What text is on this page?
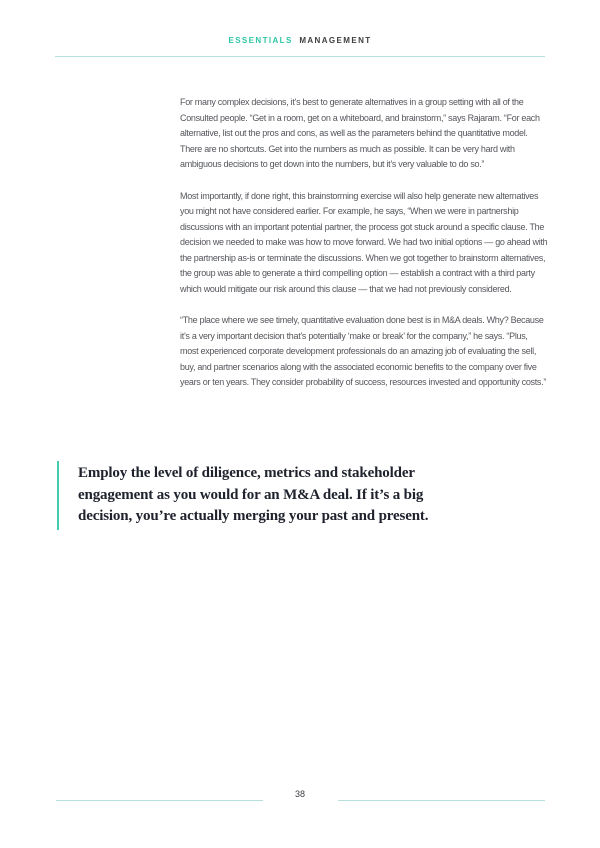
ESSENTIALS MANAGEMENT

For many complex decisions, it’s best to generate alternatives in a group setting with all of the Consulted people. “Get in a room, get on a whiteboard, and brainstorm,” says Rajaram. “For each alternative, list out the pros and cons, as well as the parameters behind the quantitative model. There are no shortcuts. Get into the numbers as much as possible. It can be very hard with ambiguous decisions to get down into the numbers, but it’s very valuable to do so.”

Most importantly, if done right, this brainstorming exercise will also help generate new alternatives you might not have considered earlier. For example, he says, “When we were in partnership discussions with an important potential partner, the process got stuck around a specific clause. The decision we needed to make was how to move forward. We had two initial options — go ahead with the partnership as-is or terminate the discussions. When we got together to brainstorm alternatives, the group was able to generate a third compelling option — establish a contract with a third party which would mitigate our risk around this clause — that we had not previously considered.

“The place where we see timely, quantitative evaluation done best is in M&A deals. Why? Because it’s a very important decision that’s potentially ‘make or break’ for the company,” he says. “Plus, most experienced corporate development professionals do an amazing job of evaluating the sell, buy, and partner scenarios along with the associated economic benefits to the company over five years or ten years. They consider probability of success, resources invested and opportunity costs.”

Employ the level of diligence, metrics and stakeholder engagement as you would for an M&A deal. If it’s a big decision, you’re actually merging your past and present.

38
